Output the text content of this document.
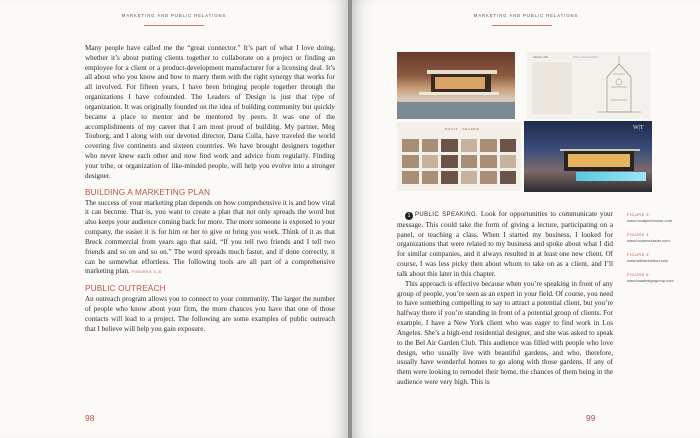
MARKETING AND PUBLIC RELATIONS

Many people have called me the “great connector.” It’s part of what I love doing, whether it’s about putting clients together to collaborate on a project or finding an employee for a client or a product-development manufacturer for a licensing deal. It’s all about who you know and how to marry them with the right synergy that works for all involved. For fifteen years, I have been bringing people together through the organizations I have cofounded. The Leaders of Design is just that type of organization. It was originally founded on the idea of building community but quickly became a place to mentor and be mentored by peers. It was one of the accomplishments of my career that I am most proud of building. My partner, Meg Touborg, and I along with our devoted director, Dana Colla, have traveled the world covering five continents and sixteen countries. We have brought designers together who never knew each other and now find work and advice from regularly. Finding your tribe, or organization of like-minded people, will help you evolve into a stronger designer.

BUILDING A MARKETING PLAN

The success of your marketing plan depends on how comprehensive it is and how viral it can become. That is, you want to create a plan that not only spreads the word but also keeps your audience coming back for more. The more someone is exposed to your company, the easier it is for him or her to give or bring you work. Think of it as that Breck commercial from years ago that said, “If you tell two friends and I tell two friends and so on and so on.” The word spreads much faster, and if done correctly, it can be somewhat effortless. The following tools are all part of a comprehensive marketing plan. FIGURES 3–6

PUBLIC OUTREACH

An outreach program allows you to connect to your community. The larger the number of people who know about your firm, the more chances you have that one of those contacts will lead to a project. The following are some examples of public outreach that I believe will help you gain exposure.

98
MARKETING AND PUBLIC RELATIONS
HEADLINE	WILLIAM HEFNER
HOUSE · KRAMER	W|T

1 PUBLIC SPEAKING. Look for opportunities to communicate your message. This could take the form of giving a lecture, participating on a panel, or teaching a class. When I started my business, I looked for organizations that were related to my business and spoke about what I did for similar companies, and it always resulted in at least one new client. Of course, I was less picky then about whom to take on as a client, and I’ll talk about this later in this chapter.

This approach is effective because when you’re speaking in front of any group of people, you’re seen as an expert in your field. Of course, you need to have something compelling to say to attract a potential client, but you’re halfway there if you’re standing in front of a potential group of clients. For example, I have a New York client who was eager to find work in Los Angeles. She’s a high-end residential designer, and she was asked to speak to the Bel Air Garden Club. This audience was filled with people who love design, who usually live with beautiful gardens, and who, therefore, usually have wonderful homes to go along with those gardens. If any of them were looking to remodel their home, the chances of them being in the audience were very high. This is

FIGURE 3
www.mcalpinehouse.com
FIGURE 4
www.lucannekasler.com
FIGURE 5
www.williamhefner.com
FIGURE 6
www.kaadesigngroup.com
99
